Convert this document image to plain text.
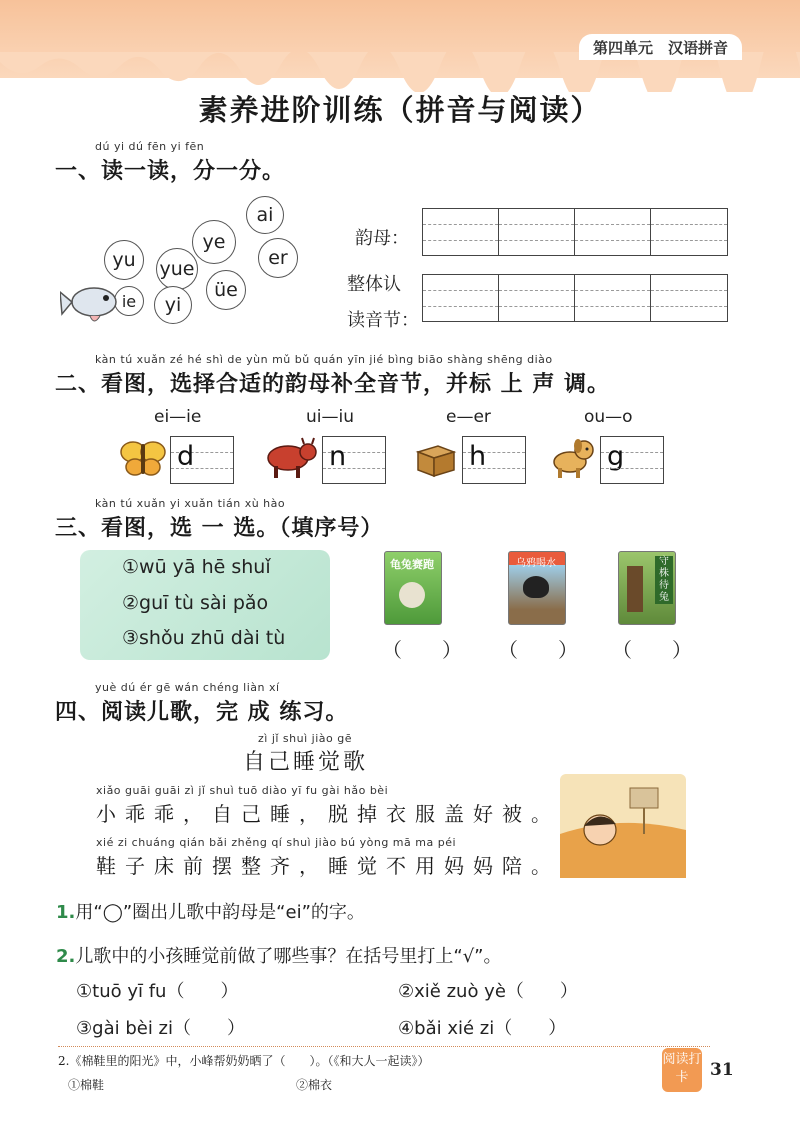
第四单元　汉语拼音
素养进阶训练（拼音与阅读）
dú yi dú fēn yi fēn
一、读一读，分一分。
ai
ye
er
yu	yue
üe
ie	yi
韵母：
整体认
读音节：
kàn tú xuǎn zé hé shì de yùn mǔ bǔ quán yīn jié bìng biāo shàng shēng diào
二、看图，选择合适的韵母补全音节，并标 上 声 调。
ei—ie	ui—iu	e—er	ou—o
d	n	h	g
kàn tú xuǎn yi xuǎn tián xù hào
三、看图，选 一 选。（填序号）
①wū yā hē shuǐ
②guī tù sài pǎo
③shǒu zhū dài tù
龟兔赛跑	乌鸦喝水	守株待兔
（　　） （　　） （　　）
yuè dú ér gē wán chéng liàn xí
四、阅读儿歌，完 成 练习。
zì jǐ shuì jiào gē
自己睡觉歌
xiǎo guāi guāi zì jǐ shuì tuō diào yī fu gài hǎo bèi
小乖乖，自己睡，脱掉衣服盖好被。
xié zi chuáng qián bǎi zhěng qí shuì jiào bú yòng mā ma péi
鞋子床前摆整齐，睡觉不用妈妈陪。
1.用“◯”圈出儿歌中韵母是“ei”的字。
2.儿歌中的小孩睡觉前做了哪些事？在括号里打上“√”。
①tuō yī fu（　　）	②xiě zuò yè（　　）
③gài bèi zi（　　）	④bǎi xié zi（　　）
2.《棉鞋里的阳光》中，小峰帮奶奶晒了（　　）。（《和大人一起读》）
①棉鞋	②棉衣
阅读打卡	31
